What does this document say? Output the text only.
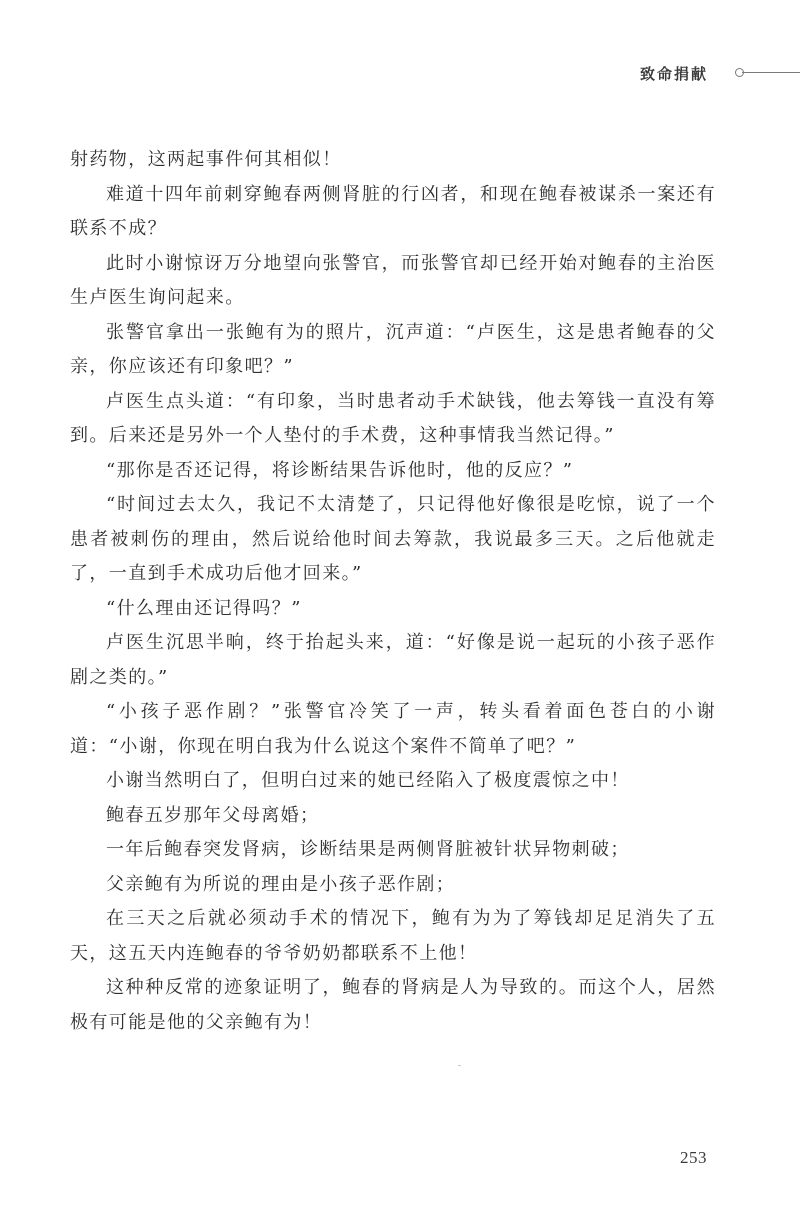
致命捐献

射药物，这两起事件何其相似！

难道十四年前刺穿鲍春两侧肾脏的行凶者，和现在鲍春被谋杀一案还有联系不成？

此时小谢惊讶万分地望向张警官，而张警官却已经开始对鲍春的主治医生卢医生询问起来。

张警官拿出一张鲍有为的照片，沉声道：“卢医生，这是患者鲍春的父亲，你应该还有印象吧？”

卢医生点头道：“有印象，当时患者动手术缺钱，他去筹钱一直没有筹到。后来还是另外一个人垫付的手术费，这种事情我当然记得。”

“那你是否还记得，将诊断结果告诉他时，他的反应？”

“时间过去太久，我记不太清楚了，只记得他好像很是吃惊，说了一个患者被刺伤的理由，然后说给他时间去筹款，我说最多三天。之后他就走了，一直到手术成功后他才回来。”

“什么理由还记得吗？”

卢医生沉思半晌，终于抬起头来，道：“好像是说一起玩的小孩子恶作剧之类的。”

“小孩子恶作剧？”张警官冷笑了一声，转头看着面色苍白的小谢道：“小谢，你现在明白我为什么说这个案件不简单了吧？”

小谢当然明白了，但明白过来的她已经陷入了极度震惊之中！

鲍春五岁那年父母离婚；

一年后鲍春突发肾病，诊断结果是两侧肾脏被针状异物刺破；

父亲鲍有为所说的理由是小孩子恶作剧；

在三天之后就必须动手术的情况下，鲍有为为了筹钱却足足消失了五天，这五天内连鲍春的爷爷奶奶都联系不上他！

这种种反常的迹象证明了，鲍春的肾病是人为导致的。而这个人，居然极有可能是他的父亲鲍有为！

253
